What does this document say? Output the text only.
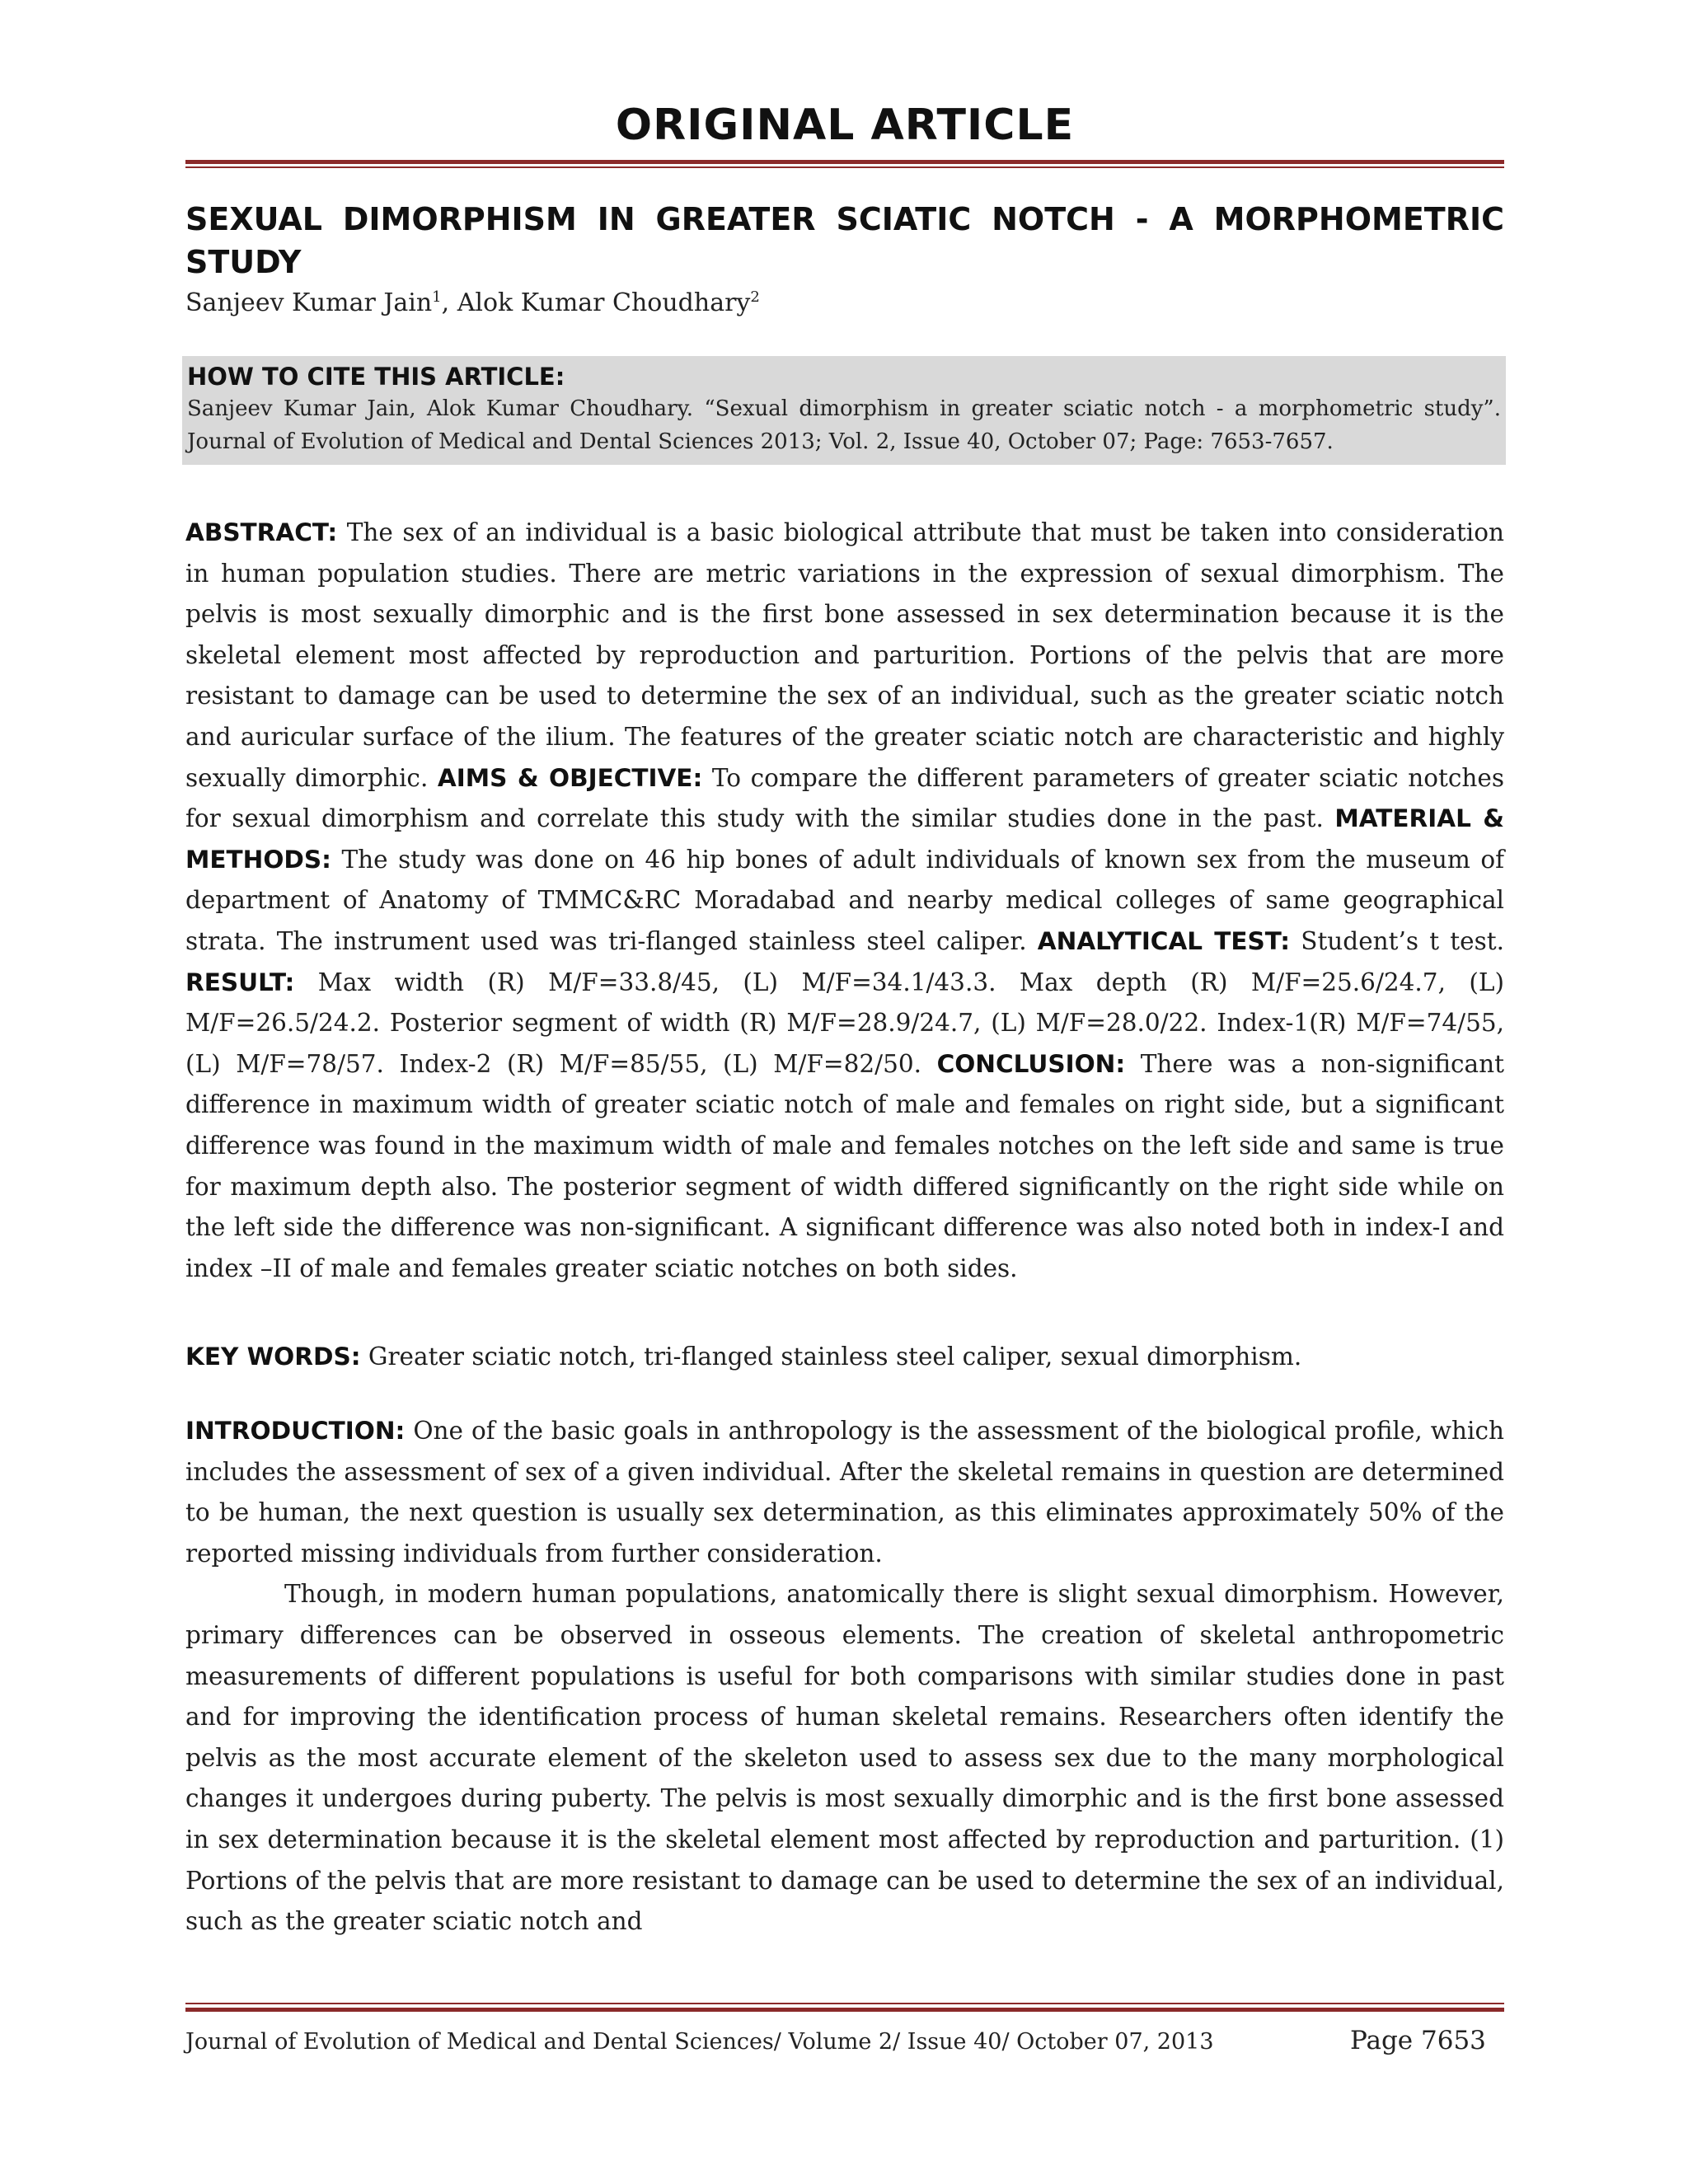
ORIGINAL ARTICLE
SEXUAL DIMORPHISM IN GREATER SCIATIC NOTCH - A MORPHOMETRIC STUDY
Sanjeev Kumar Jain$^1$, Alok Kumar Choudhary$^2$
HOW TO CITE THIS ARTICLE:
Sanjeev Kumar Jain, Alok Kumar Choudhary. “Sexual dimorphism in greater sciatic notch - a morphometric study”. Journal of Evolution of Medical and Dental Sciences 2013; Vol. 2, Issue 40, October 07; Page: 7653-7657.
ABSTRACT: The sex of an individual is a basic biological attribute that must be taken into consideration in human population studies. There are metric variations in the expression of sexual dimorphism. The pelvis is most sexually dimorphic and is the first bone assessed in sex determination because it is the skeletal element most affected by reproduction and parturition. Portions of the pelvis that are more resistant to damage can be used to determine the sex of an individual, such as the greater sciatic notch and auricular surface of the ilium. The features of the greater sciatic notch are characteristic and highly sexually dimorphic. AIMS & OBJECTIVE: To compare the different parameters of greater sciatic notches for sexual dimorphism and correlate this study with the similar studies done in the past. MATERIAL & METHODS: The study was done on 46 hip bones of adult individuals of known sex from the museum of department of Anatomy of TMMC&RC Moradabad and nearby medical colleges of same geographical strata. The instrument used was tri-flanged stainless steel caliper. ANALYTICAL TEST: Student’s t test. RESULT: Max width (R) M/F=33.8/45, (L) M/F=34.1/43.3. Max depth (R) M/F=25.6/24.7, (L) M/F=26.5/24.2. Posterior segment of width (R) M/F=28.9/24.7, (L) M/F=28.0/22. Index-1(R) M/F=74/55, (L) M/F=78/57. Index-2 (R) M/F=85/55, (L) M/F=82/50. CONCLUSION: There was a non-significant difference in maximum width of greater sciatic notch of male and females on right side, but a significant difference was found in the maximum width of male and females notches on the left side and same is true for maximum depth also. The posterior segment of width differed significantly on the right side while on the left side the difference was non-significant. A significant difference was also noted both in index-I and index –II of male and females greater sciatic notches on both sides.
KEY WORDS: Greater sciatic notch, tri-flanged stainless steel caliper, sexual dimorphism.
INTRODUCTION: One of the basic goals in anthropology is the assessment of the biological profile, which includes the assessment of sex of a given individual. After the skeletal remains in question are determined to be human, the next question is usually sex determination, as this eliminates approximately 50% of the reported missing individuals from further consideration.
Though, in modern human populations, anatomically there is slight sexual dimorphism. However, primary differences can be observed in osseous elements. The creation of skeletal anthropometric measurements of different populations is useful for both comparisons with similar studies done in past and for improving the identification process of human skeletal remains. Researchers often identify the pelvis as the most accurate element of the skeleton used to assess sex due to the many morphological changes it undergoes during puberty. The pelvis is most sexually dimorphic and is the first bone assessed in sex determination because it is the skeletal element most affected by reproduction and parturition. (1) Portions of the pelvis that are more resistant to damage can be used to determine the sex of an individual, such as the greater sciatic notch and
Journal of Evolution of Medical and Dental Sciences/ Volume 2/ Issue 40/ October 07, 2013	Page 7653
